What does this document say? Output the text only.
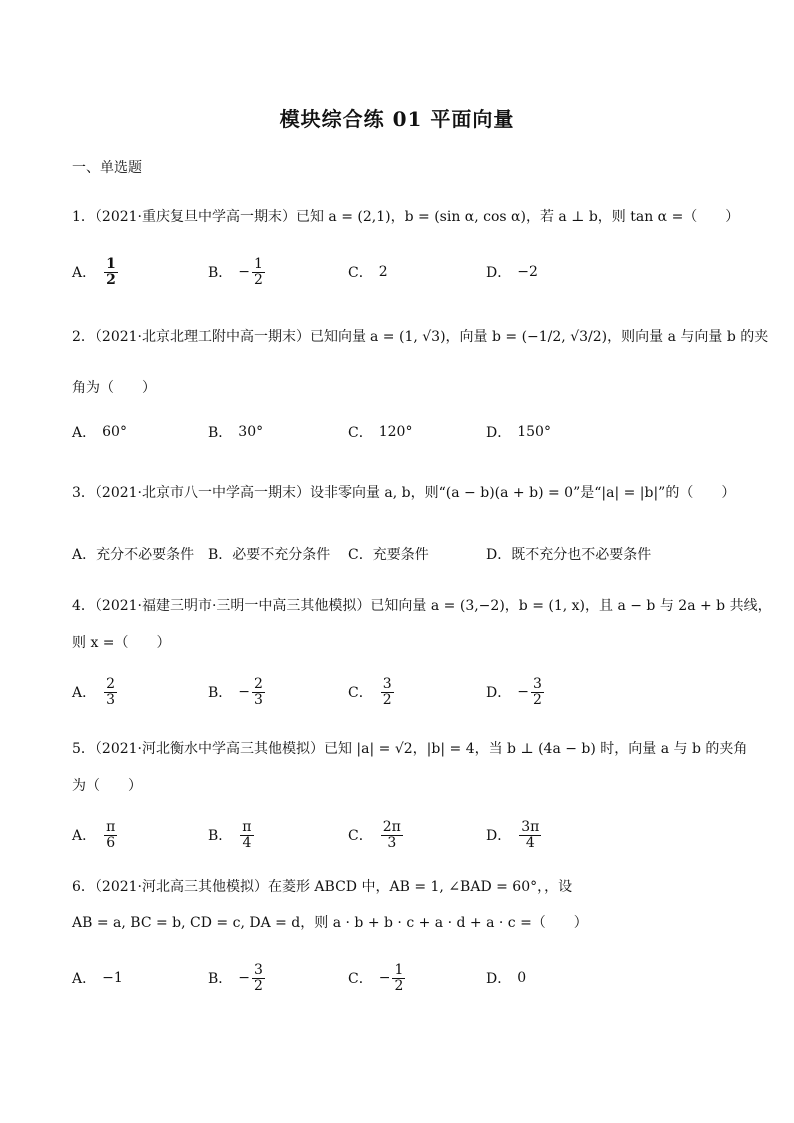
模块综合练 01 平面向量
一、单选题
1．（2021·重庆复旦中学高一期末）已知 a = (2,1)，b = (sin α, cos α)，若 a ⊥ b，则 tan α =（　　）
A． $\frac{1}{2}$	B． − $\frac{1}{2}$	C． 2	D． −2
2．（2021·北京北理工附中高一期末）已知向量 a = (1, √3)，向量 b = (−1/2, √3/2)，则向量 a 与向量 b 的夹
角为（　　）
A． 60°	B． 30°	C． 120°	D． 150°
3．（2021·北京市八一中学高一期末）设非零向量 a, b，则“(a − b)(a + b) = 0”是“|a| = |b|”的（　　）
A．充分不必要条件 B．必要不充分条件 C．充要条件	D．既不充分也不必要条件
4．（2021·福建三明市·三明一中高三其他模拟）已知向量 a = (3,−2)，b = (1, x)，且 a − b 与 2a + b 共线，
则 x =（　　）
A． $\frac{2}{3}$	B． − $\frac{2}{3}$	C． $\frac{3}{2}$	D． − $\frac{3}{2}$
5．（2021·河北衡水中学高三其他模拟）已知 |a| = √2，|b| = 4，当 b ⊥ (4a − b) 时，向量 a 与 b 的夹角
为（　　）
A． $\frac{\pi}{6}$	B． $\frac{\pi}{4}$	C． $\frac{2\pi}{3}$	D． $\frac{3\pi}{4}$
6．（2021·河北高三其他模拟）在菱形 ABCD 中，AB = 1, ∠BAD = 60°，，设
AB = a, BC = b, CD = c, DA = d，则 a · b + b · c + a · d + a · c =（　　）
A． −1	B． − $\frac{3}{2}$	C． − $\frac{1}{2}$	D． 0
